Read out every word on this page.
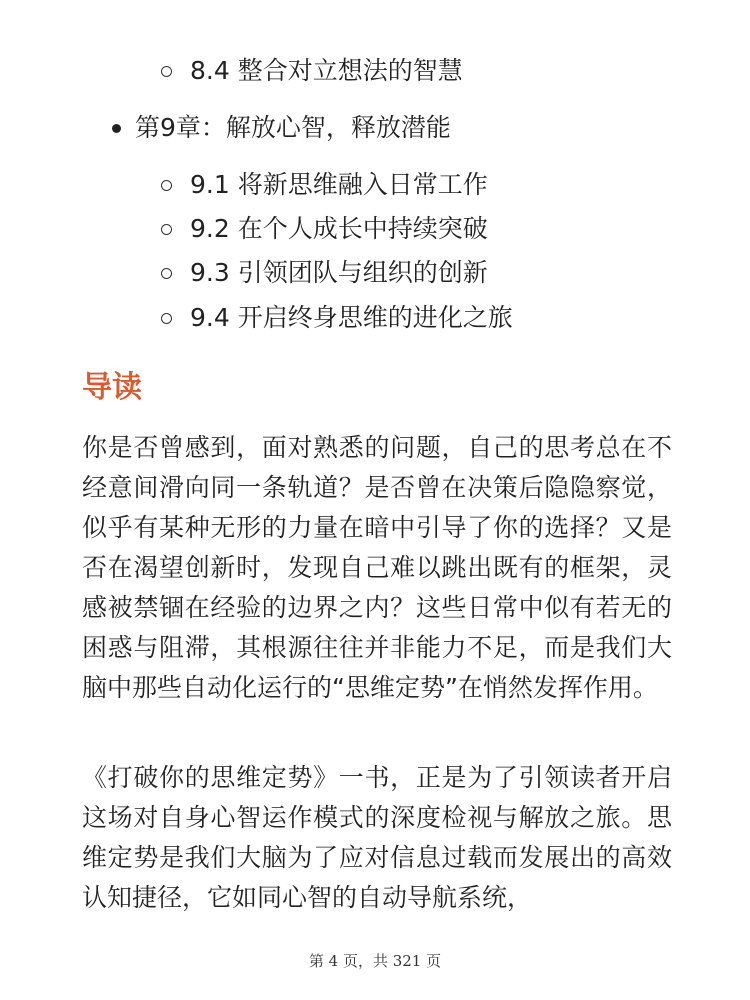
8.4 整合对立想法的智慧
第9章：解放心智，释放潜能
9.1 将新思维融入日常工作
9.2 在个人成长中持续突破
9.3 引领团队与组织的创新
9.4 开启终身思维的进化之旅
导读

你是否曾感到，面对熟悉的问题，自己的思考总在不经意间滑向同一条轨道？是否曾在决策后隐隐察觉，似乎有某种无形的力量在暗中引导了你的选择？又是否在渴望创新时，发现自己难以跳出既有的框架，灵感被禁锢在经验的边界之内？这些日常中似有若无的困惑与阻滞，其根源往往并非能力不足，而是我们大脑中那些自动化运行的“思维定势”在悄然发挥作用。

《打破你的思维定势》一书，正是为了引领读者开启这场对自身心智运作模式的深度检视与解放之旅。思维定势是我们大脑为了应对信息过载而发展出的高效认知捷径，它如同心智的自动导航系统，

第 4 页，共 321 页
